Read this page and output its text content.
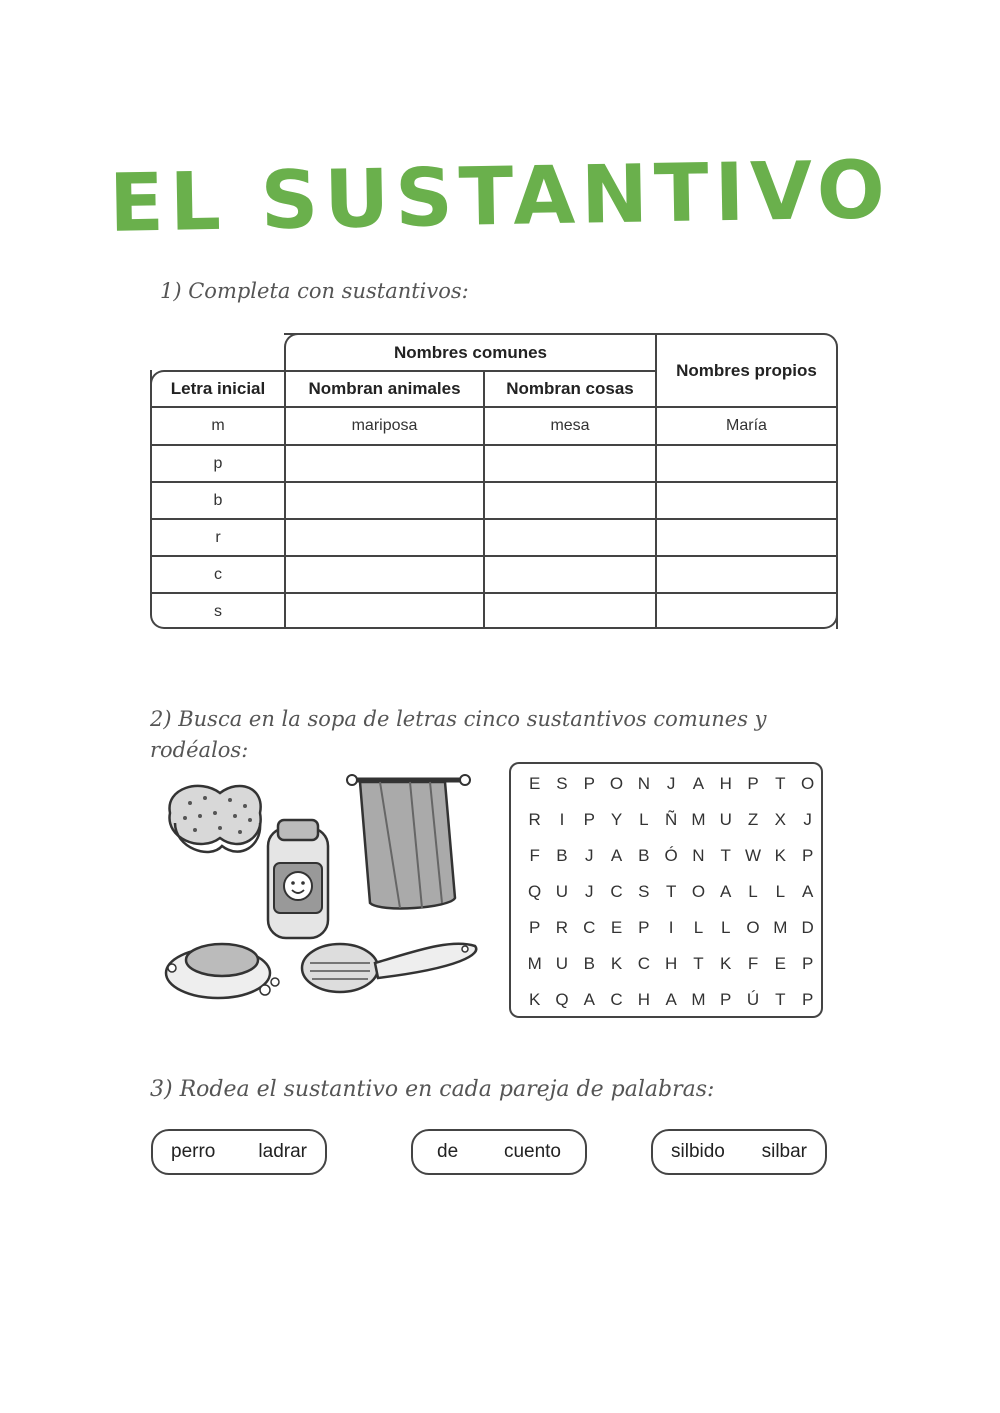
EL SUSTANTIVO
1) Completa con sustantivos:
Nombres comunes
Letra inicial	Nombran animales	Nombran cosas
Nombres propios
m	mariposa	mesa	María
p
b
r
c
s
2) Busca en la sopa de letras cinco sustantivos comunes y rodéalos:
E S P O N J	A H P T O
R	I	P Y L Ñ M U Z X	J
F B	J	A B Ó N T W K P
Q U J C S T O A L	L A
P R C E P	I	L	L O M D
M U B K C H T K F E P
K Q A C H A M P Ú T P
3) Rodea el sustantivo en cada pareja de palabras:
perro ladrar	de cuento	silbido silbar
